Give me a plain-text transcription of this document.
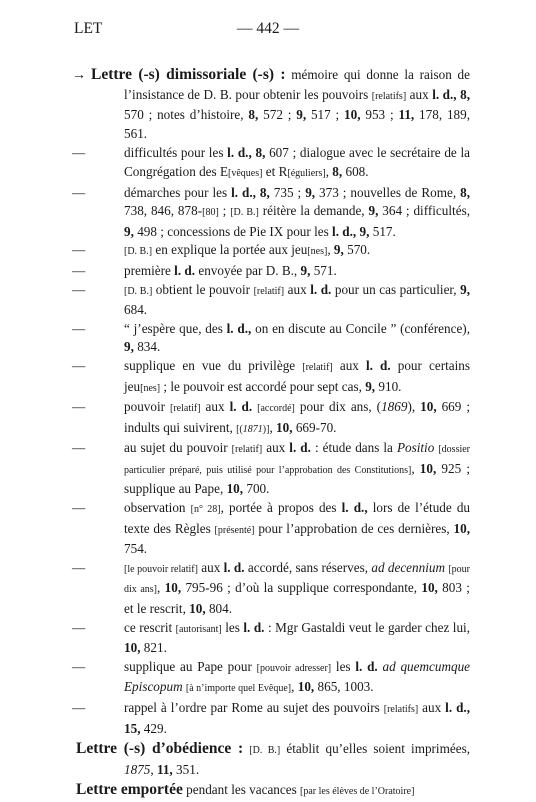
LET	— 442 —
→ Lettre (-s) dimissoriale (-s) : mémoire qui donne la raison de l’insistance de D. B. pour obtenir les pouvoirs [relatifs] aux l. d., 8, 570 ; notes d’histoire, 8, 572 ; 9, 517 ; 10, 953 ; 11, 178, 189, 561.
—	difficultés pour les l. d., 8, 607 ; dialogue avec le secrétaire de la Congrégation des E[vêques] et R[éguliers], 8, 608.
—	démarches pour les l. d., 8, 735 ; 9, 373 ; nouvelles de Rome, 8, 738, 846, 878-[80] ; [D. B.] réitère la demande, 9, 364 ; difficultés, 9, 498 ; concessions de Pie IX pour les l. d., 9, 517.
—	[D. B.] en explique la portée aux jeu[nes], 9, 570.
—	première l. d. envoyée par D. B., 9, 571.
—	[D. B.] obtient le pouvoir [relatif] aux l. d. pour un cas particulier, 9, 684.
—	“ j’espère que, des l. d., on en discute au Concile ” (conférence), 9, 834.
—	supplique en vue du privilège [relatif] aux l. d. pour certains jeu[nes] ; le pouvoir est accordé pour sept cas, 9, 910.
—	pouvoir [relatif] aux l. d. [accordé] pour dix ans, (1869), 10, 669 ; indults qui suivirent, [(1871)], 10, 669-70.
—	au sujet du pouvoir [relatif] aux l. d. : étude dans la Positio [dossier particulier préparé, puis utilisé pour l’approbation des Constitutions], 10, 925 ; supplique au Pape, 10, 700.
—	observation [n° 28], portée à propos des l. d., lors de l’étude du texte des Règles [présenté] pour l’approbation de ces dernières, 10, 754.
—	[le pouvoir relatif] aux l. d. accordé, sans réserves, ad decennium [pour dix ans], 10, 795-96 ; d’où la supplique correspondante, 10, 803 ; et le rescrit, 10, 804.
—	ce rescrit [autorisant] les l. d. : Mgr Gastaldi veut le garder chez lui, 10, 821.
—	supplique au Pape pour [pouvoir adresser] les l. d. ad quemcumque Episcopum [à n’importe quel Evêque], 10, 865, 1003.
—	rappel à l’ordre par Rome au sujet des pouvoirs [relatifs] aux l. d., 15, 429.
Lettre (-s) d’obédience : [D. B.] établit qu’elles soient imprimées, 1875, 11, 351.
Lettre emportée pendant les vacances [par les élèves de l’Oratoire]
